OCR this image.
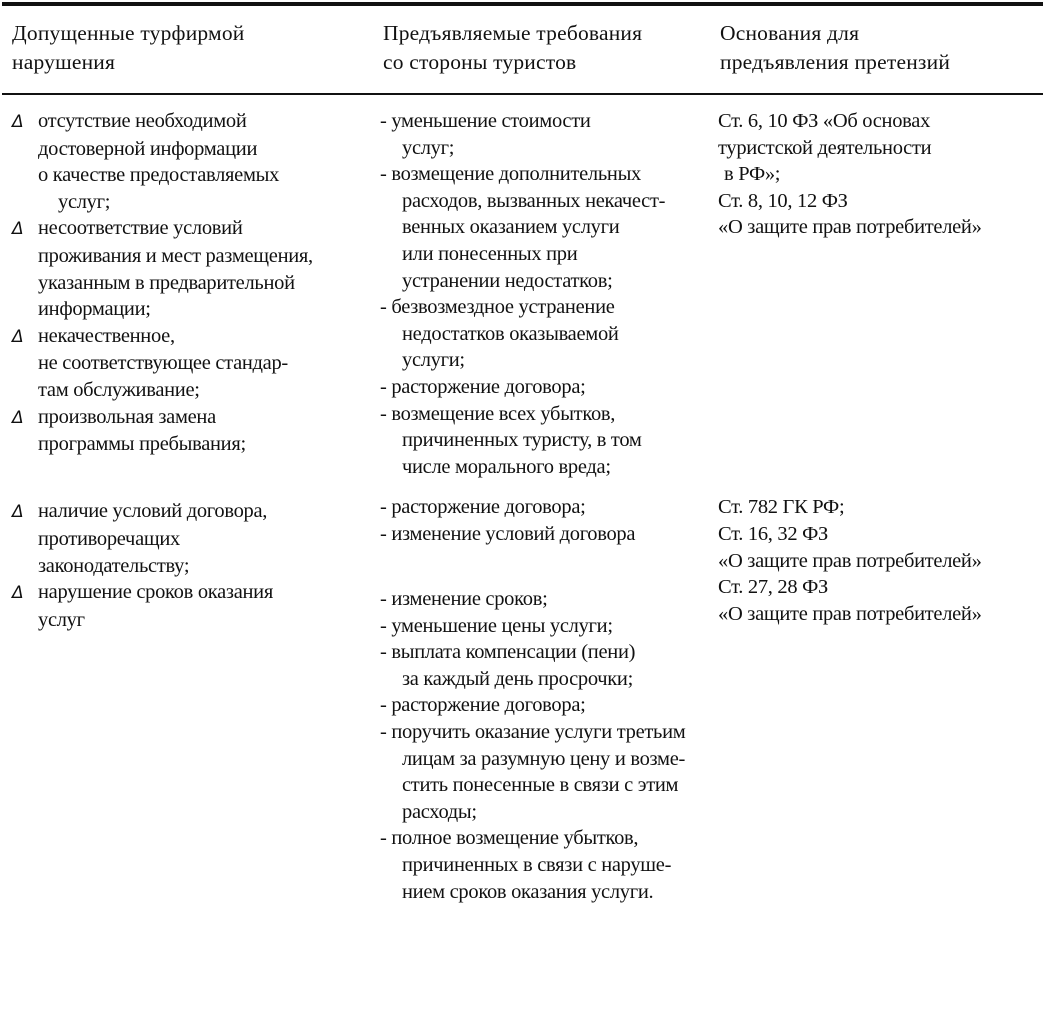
Допущенные турфирмой
нарушения
Предъявляемые требования
со стороны туристов
Основания для
предъявления претензий
Δ отсутствие необходимой
достоверной информации
о качестве предоставляемых
услуг;
Δ несоответствие условий
проживания и мест размещения,
указанным в предварительной
информации;
Δ некачественное,
не соответствующее стандар-
там обслуживание;
Δ произвольная замена
программы пребывания;
Δ наличие условий договора,
противоречащих
законодательству;
Δ нарушение сроков оказания
услуг
- уменьшение стоимости
услуг;
- возмещение дополнительных
расходов, вызванных некачест-
венных оказанием услуги
или понесенных при
устранении недостатков;
- безвозмездное устранение
недостатков оказываемой
услуги;
- расторжение договора;
- возмещение всех убытков,
причиненных туристу, в том
числе морального вреда;
- расторжение договора;
- изменение условий договора
- изменение сроков;
- уменьшение цены услуги;
- выплата компенсации (пени)
за каждый день просрочки;
- расторжение договора;
- поручить оказание услуги третьим
лицам за разумную цену и возме-
стить понесенные в связи с этим
расходы;
- полное возмещение убытков,
причиненных в связи с наруше-
нием сроков оказания услуги.
Ст. 6, 10 ФЗ «Об основах
туристской деятельности
в РФ»;
Ст. 8, 10, 12 ФЗ
«О защите прав потребителей»
Ст. 782 ГК РФ;
Ст. 16, 32 ФЗ
«О защите прав потребителей»
Ст. 27, 28 ФЗ
«О защите прав потребителей»
